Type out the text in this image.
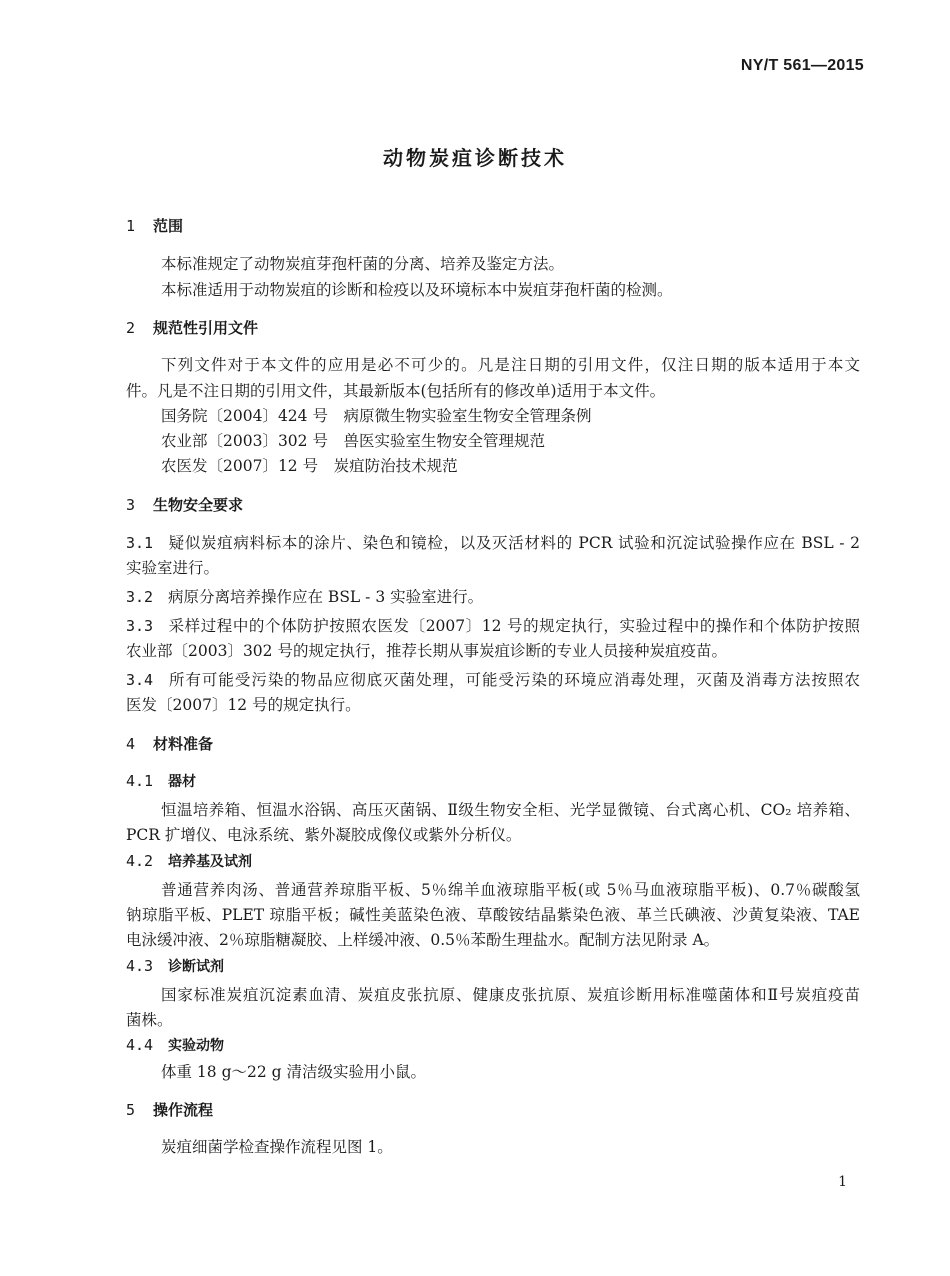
NY/T 561—2015
动物炭疽诊断技术
1 范围
本标准规定了动物炭疽芽孢杆菌的分离、培养及鉴定方法。
本标准适用于动物炭疽的诊断和检疫以及环境标本中炭疽芽孢杆菌的检测。
2 规范性引用文件
下列文件对于本文件的应用是必不可少的。凡是注日期的引用文件，仅注日期的版本适用于本文
件。凡是不注日期的引用文件，其最新版本(包括所有的修改单)适用于本文件。
国务院〔2004〕424 号　病原微生物实验室生物安全管理条例
农业部〔2003〕302 号　兽医实验室生物安全管理规范
农医发〔2007〕12 号　炭疽防治技术规范
3 生物安全要求
3.1 疑似炭疽病料标本的涂片、染色和镜检，以及灭活材料的 PCR 试验和沉淀试验操作应在 BSL - 2
实验室进行。
3.2 病原分离培养操作应在 BSL - 3 实验室进行。
3.3 采样过程中的个体防护按照农医发〔2007〕12 号的规定执行，实验过程中的操作和个体防护按照
农业部〔2003〕302 号的规定执行，推荐长期从事炭疽诊断的专业人员接种炭疽疫苗。
3.4 所有可能受污染的物品应彻底灭菌处理，可能受污染的环境应消毒处理，灭菌及消毒方法按照农
医发〔2007〕12 号的规定执行。
4 材料准备
4.1 器材
恒温培养箱、恒温水浴锅、高压灭菌锅、Ⅱ级生物安全柜、光学显微镜、台式离心机、CO₂ 培养箱、
PCR 扩增仪、电泳系统、紫外凝胶成像仪或紫外分析仪。
4.2 培养基及试剂
普通营养肉汤、普通营养琼脂平板、5％绵羊血液琼脂平板(或 5％马血液琼脂平板)、0.7％碳酸氢
钠琼脂平板、PLET 琼脂平板；碱性美蓝染色液、草酸铵结晶紫染色液、革兰氏碘液、沙黄复染液、TAE
电泳缓冲液、2％琼脂糖凝胶、上样缓冲液、0.5％苯酚生理盐水。配制方法见附录 A。
4.3 诊断试剂
国家标准炭疽沉淀素血清、炭疽皮张抗原、健康皮张抗原、炭疽诊断用标准噬菌体和Ⅱ号炭疽疫苗
菌株。
4.4 实验动物
体重 18 g～22 g 清洁级实验用小鼠。
5 操作流程
炭疽细菌学检查操作流程见图 1。
1
